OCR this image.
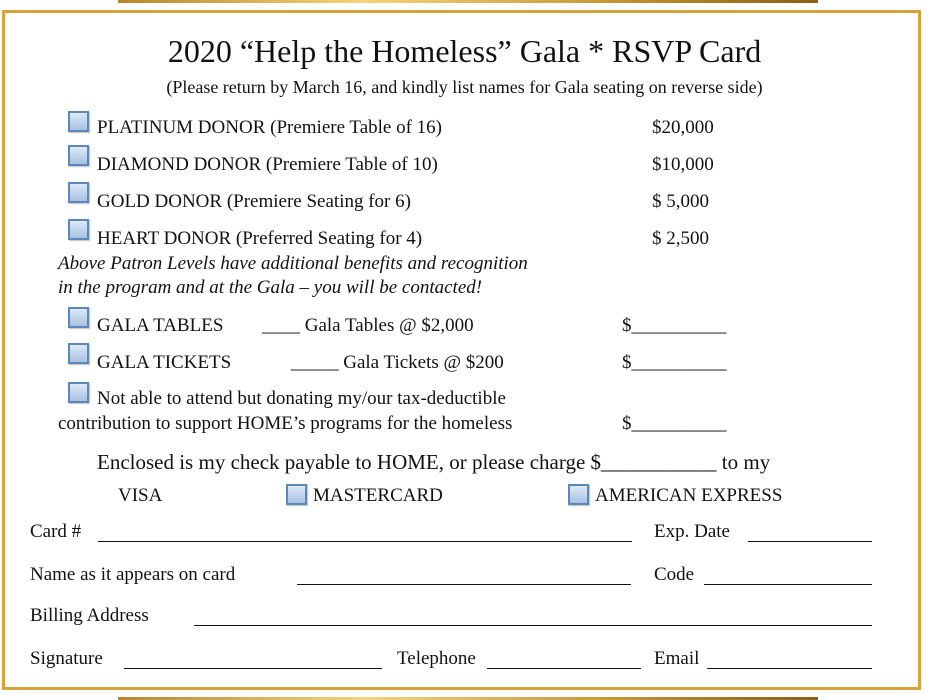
2020 “Help the Homeless” Gala * RSVP Card
(Please return by March 16, and kindly list names for Gala seating on reverse side)
PLATINUM DONOR (Premiere Table of 16)	$20,000
DIAMOND DONOR (Premiere Table of 10)	$10,000
GOLD DONOR (Premiere Seating for 6)	$ 5,000
HEART DONOR (Preferred Seating for 4)	$ 2,500
Above Patron Levels have additional benefits and recognition
in the program and at the Gala – you will be contacted!
GALA TABLES ____ Gala Tables @ $2,000	$__________
GALA TICKETS	_____ Gala Tickets @ $200	$__________
Not able to attend but donating my/our tax-deductible
contribution to support HOME’s programs for the homeless	$__________
Enclosed is my check payable to HOME, or please charge $___________ to my
VISA	MASTERCARD	AMERICAN EXPRESS
Card #	Exp. Date
Name as it appears on card	Code
Billing Address
Signature	Telephone	Email
